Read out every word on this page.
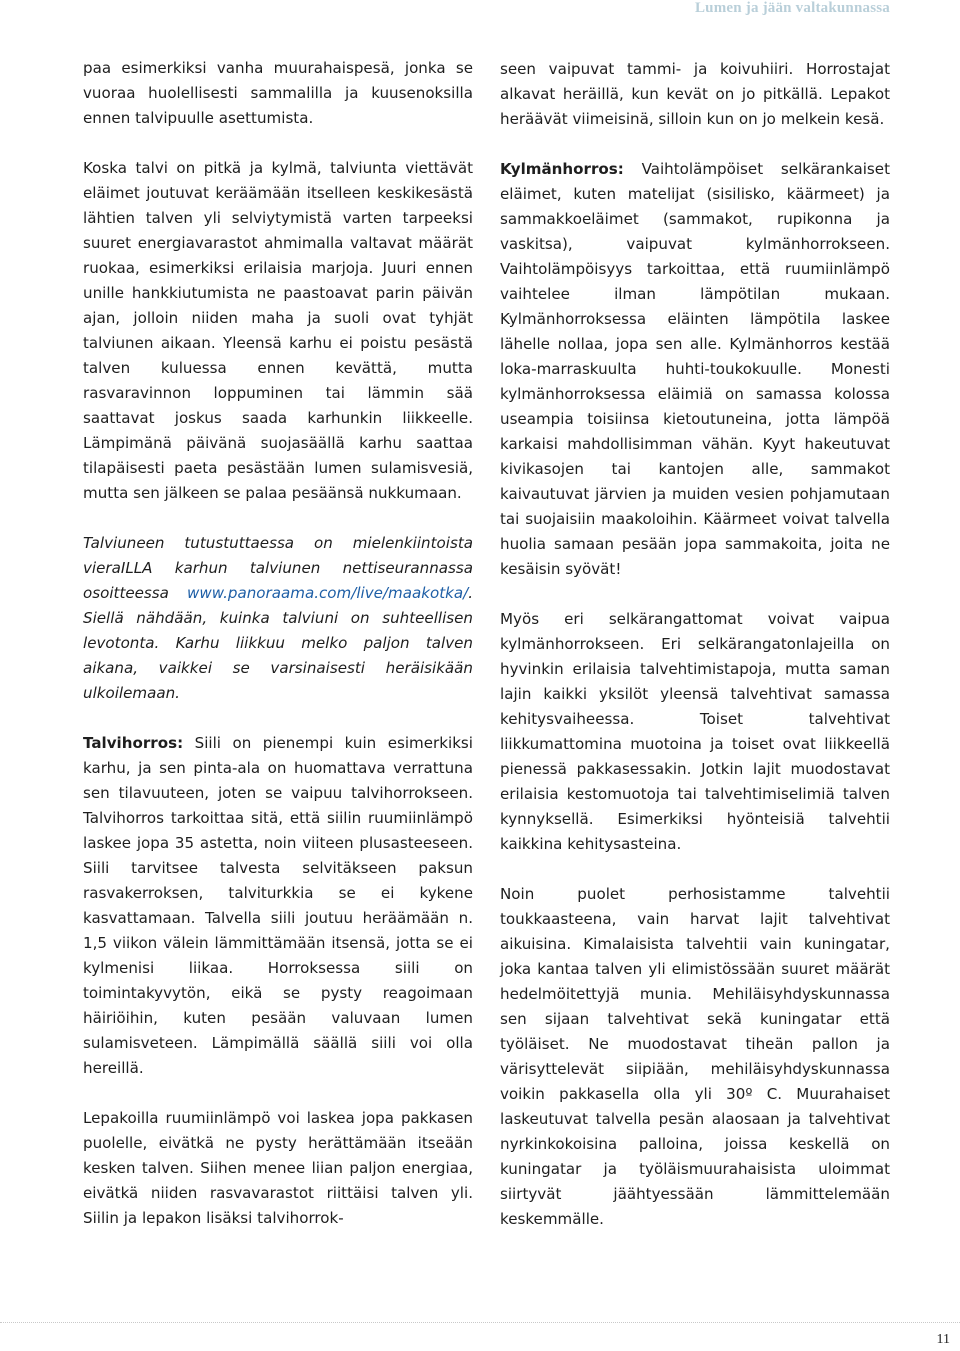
Lumen ja jään valtakunnassa

paa esimerkiksi vanha muurahaispesä, jonka se vuoraa huolellisesti sammalilla ja kuusenoksilla ennen talvipuulle asettumista.

Koska talvi on pitkä ja kylmä, talviunta viettävät eläimet joutuvat keräämään itselleen keskikesästä lähtien talven yli selviytymistä varten tarpeeksi suuret energiavarastot ahmimalla valtavat määrät ruokaa, esimerkiksi erilaisia marjoja. Juuri ennen unille hankkiutumista ne paastoavat parin päivän ajan, jolloin niiden maha ja suoli ovat tyhjät talviunen aikaan. Yleensä karhu ei poistu pesästä talven kuluessa ennen kevättä, mutta rasvaravinnon loppuminen tai lämmin sää saattavat joskus saada karhunkin liikkeelle. Lämpimänä päivänä suojasäällä karhu saattaa tilapäisesti paeta pesästään lumen sulamisvesiä, mutta sen jälkeen se palaa pesäänsä nukkumaan.

Talviuneen tutustuttaessa on mielenkiintoista vieraILLA karhun talviunen nettiseurannassa osoitteessa www.panoraama.com/live/maakotka/. Siellä nähdään, kuinka talviuni on suhteellisen levotonta. Karhu liikkuu melko paljon talven aikana, vaikkei se varsinaisesti heräisikään ulkoilemaan.

Talvihorros: Siili on pienempi kuin esimerkiksi karhu, ja sen pinta-ala on huomattava verrattuna sen tilavuuteen, joten se vaipuu talvihorrokseen. Talvihorros tarkoittaa sitä, että siilin ruumiinlämpö laskee jopa 35 astetta, noin viiteen plusasteeseen. Siili tarvitsee talvesta selvitäkseen paksun rasvakerroksen, talviturkkia se ei kykene kasvattamaan. Talvella siili joutuu heräämään n. 1,5 viikon välein lämmittämään itsensä, jotta se ei kylmenisi liikaa. Horroksessa siili on toimintakyvytön, eikä se pysty reagoimaan häiriöihin, kuten pesään valuvaan lumen sulamisveteen. Lämpimällä säällä siili voi olla hereillä.

Lepakoilla ruumiinlämpö voi laskea jopa pakkasen puolelle, eivätkä ne pysty herättämään itseään kesken talven. Siihen menee liian paljon energiaa, eivätkä niiden rasvavarastot riittäisi talven yli. Siilin ja lepakon lisäksi talvihorrok-

seen vaipuvat tammi- ja koivuhiiri. Horrostajat alkavat heräillä, kun kevät on jo pitkällä. Lepakot heräävät viimeisinä, silloin kun on jo melkein kesä.

Kylmänhorros: Vaihtolämpöiset selkärankaiset eläimet, kuten matelijat (sisilisko, käärmeet) ja sammakkoeläimet (sammakot, rupikonna ja vaskitsa), vaipuvat kylmänhorrokseen. Vaihtolämpöisyys tarkoittaa, että ruumiinlämpö vaihtelee ilman lämpötilan mukaan. Kylmänhorroksessa eläinten lämpötila laskee lähelle nollaa, jopa sen alle. Kylmänhorros kestää loka-marraskuulta huhti-toukokuulle. Monesti kylmänhorroksessa eläimiä on samassa kolossa useampia toisiinsa kietoutuneina, jotta lämpöä karkaisi mahdollisimman vähän. Kyyt hakeutuvat kivikasojen tai kantojen alle, sammakot kaivautuvat järvien ja muiden vesien pohjamutaan tai suojaisiin maakoloihin. Käärmeet voivat talvella huolia samaan pesään jopa sammakoita, joita ne kesäisin syövät!

Myös eri selkärangattomat voivat vaipua kylmänhorrokseen. Eri selkärangatonlajeilla on hyvinkin erilaisia talvehtimistapoja, mutta saman lajin kaikki yksilöt yleensä talvehtivat samassa kehitysvaiheessa. Toiset talvehtivat liikkumattomina muotoina ja toiset ovat liikkeellä pienessä pakkasessakin. Jotkin lajit muodostavat erilaisia kestomuotoja tai talvehtimiselimiä talven kynnyksellä. Esimerkiksi hyönteisiä talvehtii kaikkina kehitysasteina.

Noin puolet perhosistamme talvehtii toukkaasteena, vain harvat lajit talvehtivat aikuisina. Kimalaisista talvehtii vain kuningatar, joka kantaa talven yli elimistössään suuret määrät hedelmöitettyjä munia. Mehiläisyhdyskunnassa sen sijaan talvehtivat sekä kuningatar että työläiset. Ne muodostavat tiheän pallon ja värisyttelevät siipiään, mehiläisyhdyskunnassa voikin pakkasella olla yli 30º C. Muurahaiset laskeutuvat talvella pesän alaosaan ja talvehtivat nyrkinkokoisina palloina, joissa keskellä on kuningatar ja työläismuurahaisista uloimmat siirtyvät jäähtyessään lämmittelemään keskemmälle.

11
